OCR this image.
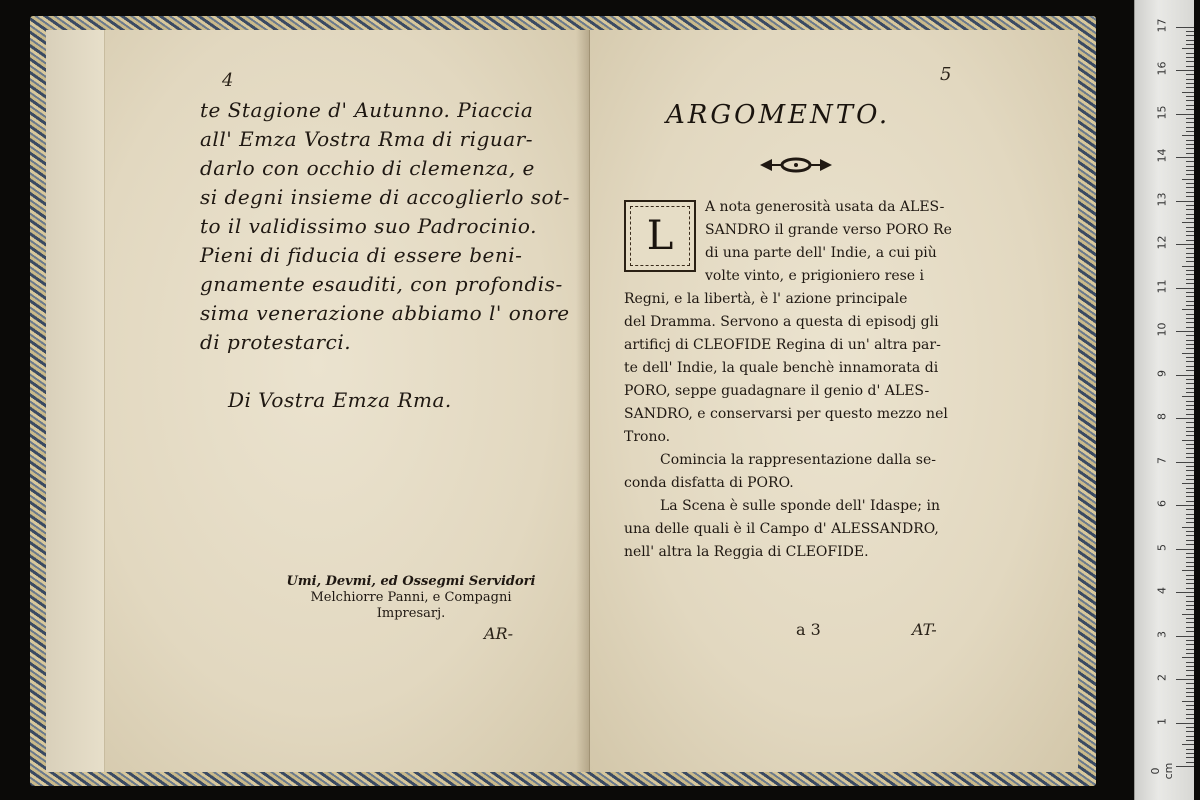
4
te Stagione d' Autunno. Piaccia
all' Emza Vostra Rma di riguar-
darlo con occhio di clemenza, e
si degni insieme di accoglierlo sot-
to il validissimo suo Padrocinio.
Pieni di fiducia di essere beni-
gnamente esauditi, con profondis-
sima venerazione abbiamo l' onore
di protestarci.
Di Vostra Emza Rma.
Umi, Devmi, ed Ossegmi Servidori
Melchiorre Panni, e Compagni
Impresarj.
AR-
5
ARGOMENTO.
L
A nota generosità usata da ALES-
SANDRO il grande verso PORO Re
di una parte dell' Indie, a cui più
volte vinto, e prigioniero rese i
Regni, e la libertà, è l' azione principale
del Dramma. Servono a questa di episodj gli
artificj di CLEOFIDE Regina di un' altra par-
te dell' Indie, la quale benchè innamorata di
PORO, seppe guadagnare il genio d' ALES-
SANDRO, e conservarsi per questo mezzo nel
Trono.
Comincia la rappresentazione dalla se-
conda disfatta di PORO.
La Scena è sulle sponde dell' Idaspe; in
una delle quali è il Campo d' ALESSANDRO,
nell' altra la Reggia di CLEOFIDE.
a 3	AT-
0 cm
1
2
3
4
5
6
7
8
9
10
11
12
13
14
15
16
17
